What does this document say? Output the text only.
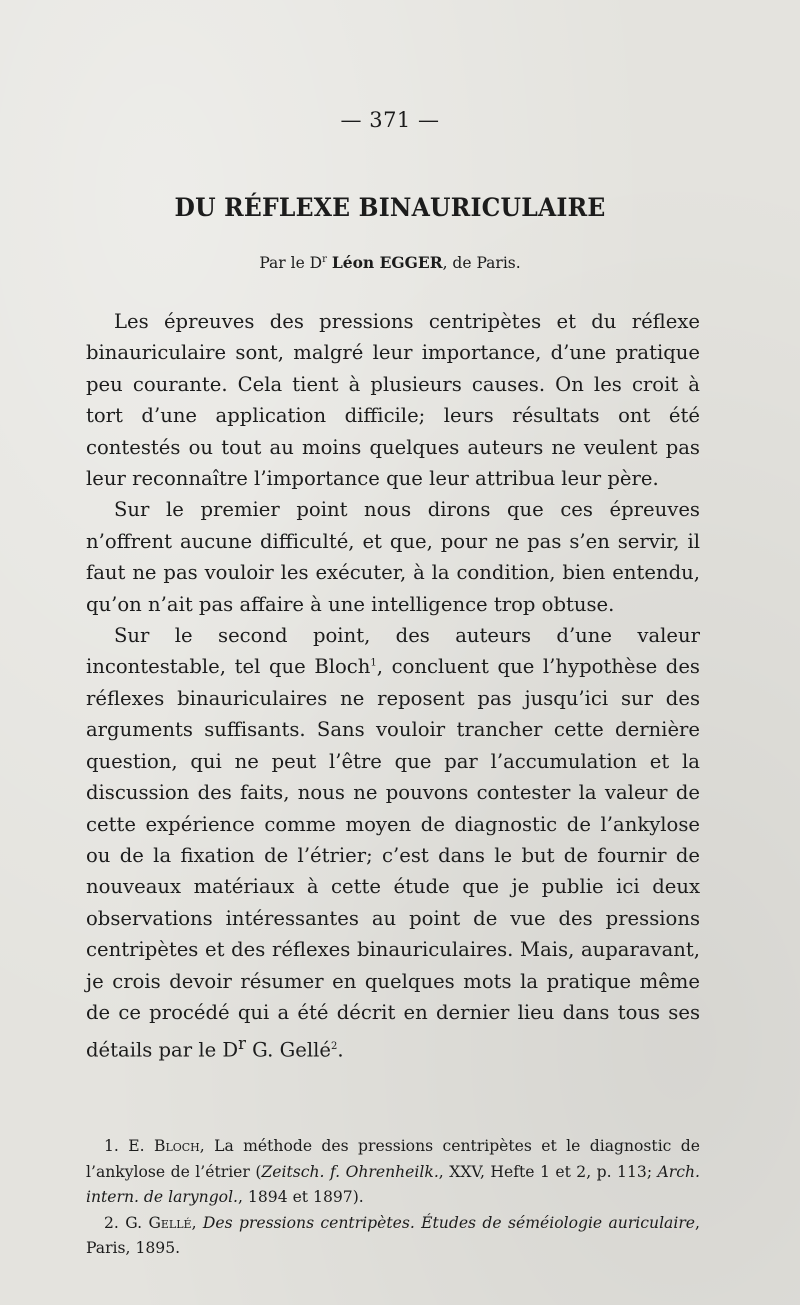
— 371 —
DU RÉFLEXE BINAURICULAIRE
Par le $D^r$ Léon EGGER, de Paris.

Les épreuves des pressions centripètes et du réflexe binauriculaire sont, malgré leur importance, d’une pratique peu courante. Cela tient à plusieurs causes. On les croit à tort d’une application difficile; leurs résultats ont été contestés ou tout au moins quelques auteurs ne veulent pas leur reconnaître l’importance que leur attribua leur père.

Sur le premier point nous dirons que ces épreuves n’offrent aucune difficulté, et que, pour ne pas s’en servir, il faut ne pas vouloir les exécuter, à la condition, bien entendu, qu’on n’ait pas affaire à une intelligence trop obtuse.

Sur le second point, des auteurs d’une valeur incontestable, tel que Bloch$^1$, concluent que l’hypothèse des réflexes binauriculaires ne reposent pas jusqu’ici sur des arguments suffisants. Sans vouloir trancher cette dernière question, qui ne peut l’être que par l’accumulation et la discussion des faits, nous ne pouvons contester la valeur de cette expérience comme moyen de diagnostic de l’ankylose ou de la fixation de l’étrier; c’est dans le but de fournir de nouveaux matériaux à cette étude que je publie ici deux observations intéressantes au point de vue des pressions centripètes et des réflexes binauriculaires. Mais, auparavant, je crois devoir résumer en quelques mots la pratique même de ce procédé qui a été décrit en dernier lieu dans tous ses détails par le $D^r$ G. Gellé$^2$.

1. E. Bloch, La méthode des pressions centripètes et le diagnostic de l’ankylose de l’étrier (Zeitsch. f. Ohrenheilk., XXV, Hefte 1 et 2, p. 113; Arch. intern. de laryngol., 1894 et 1897).

2. G. Gellé, Des pressions centripètes. Études de séméiologie auriculaire, Paris, 1895.
